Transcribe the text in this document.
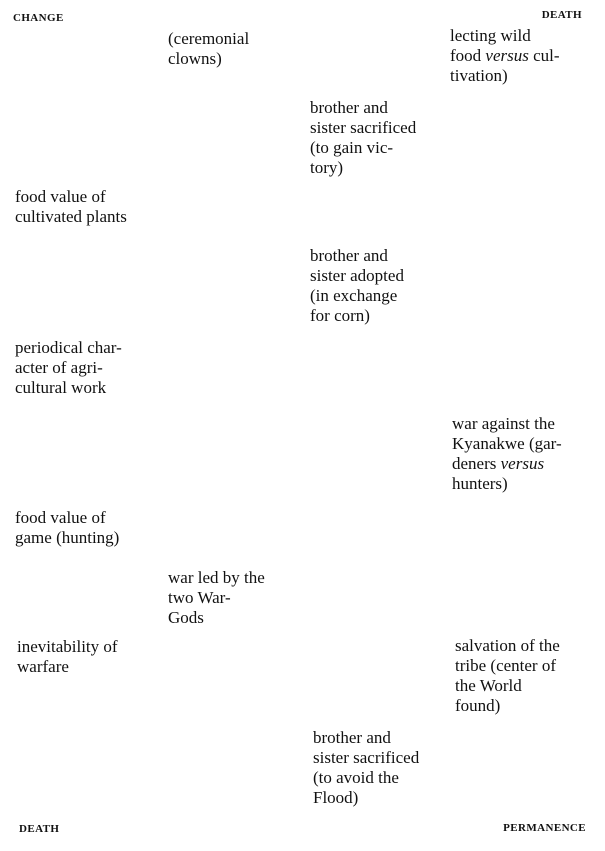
CHANGE	DEATH
DEATH	PERMANENCE
(ceremonial
clowns)
lecting wild
food versus cul-
tivation)
brother and
sister sacrificed
(to gain vic-
tory)
food value of
cultivated plants
brother and
sister adopted
(in exchange
for corn)
periodical char-
acter of agri-
cultural work
war against the
Kyanakwe (gar-
deners versus
hunters)
food value of
game (hunting)
war led by the
two War-
Gods
inevitability of
warfare
salvation of the
tribe (center of
the World
found)
brother and
sister sacrificed
(to avoid the
Flood)
